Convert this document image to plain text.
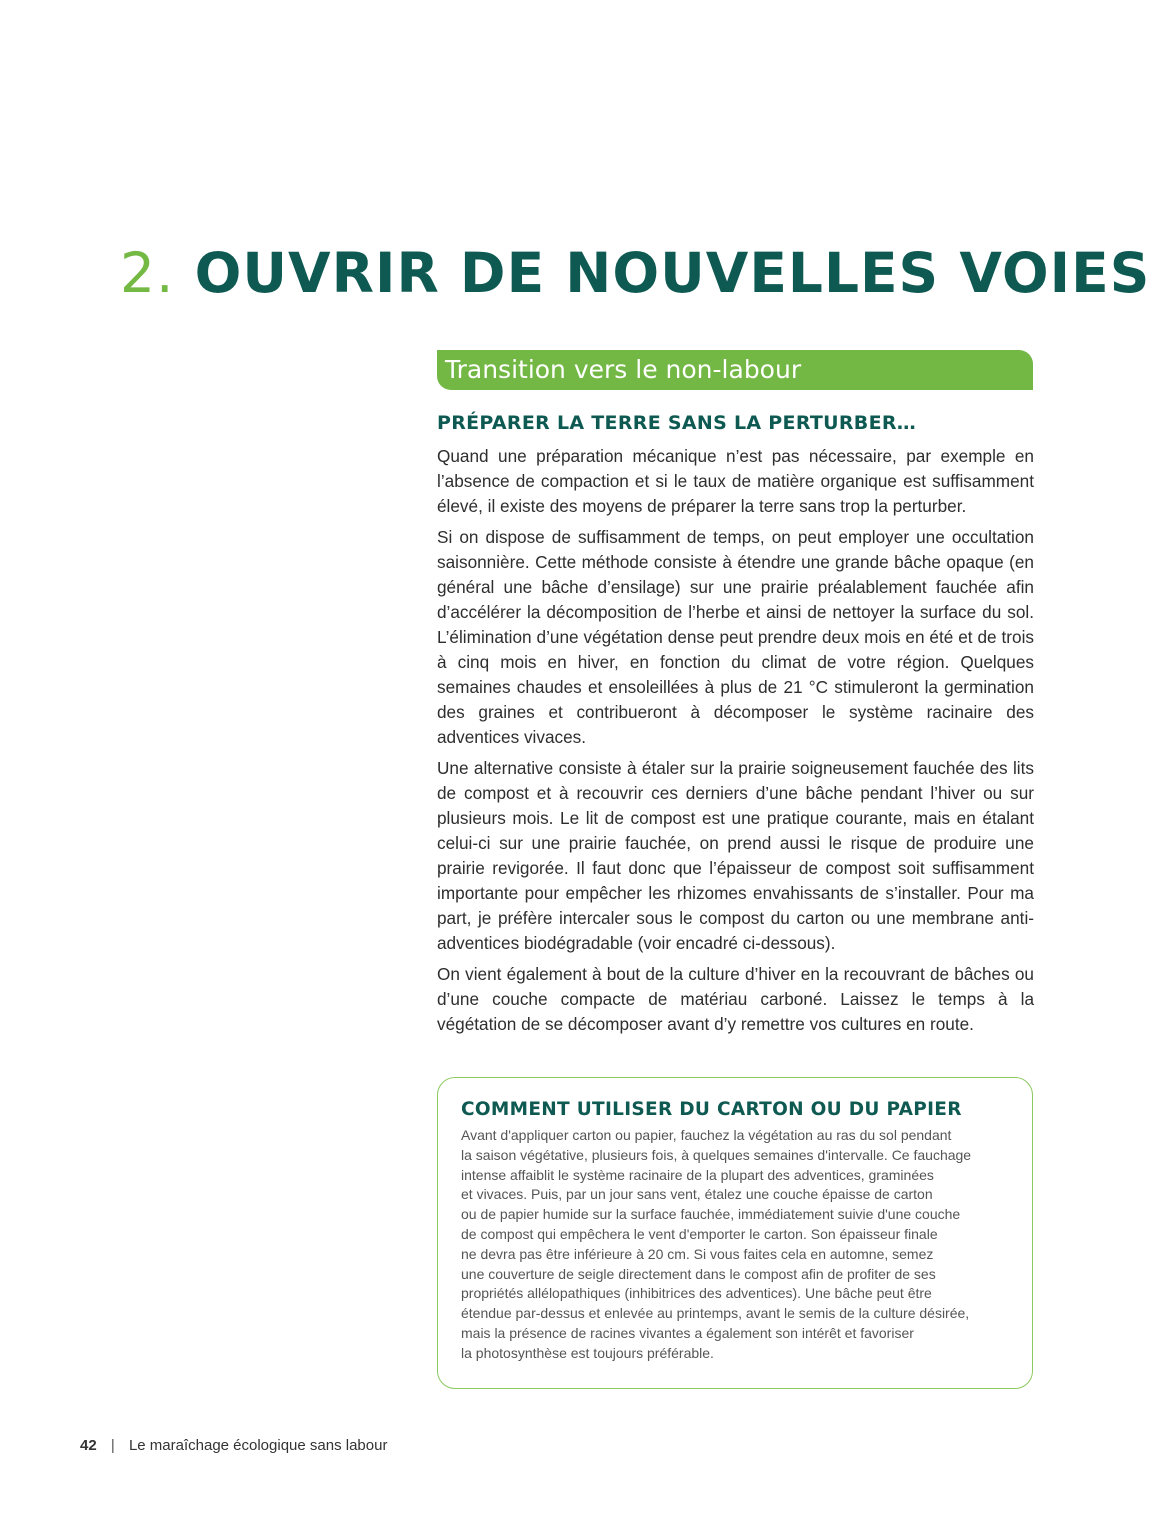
2. OUVRIR DE NOUVELLES VOIES
Transition vers le non-labour
PRÉPARER LA TERRE SANS LA PERTURBER…

Quand une préparation mécanique n’est pas nécessaire, par exemple en l’absence de compaction et si le taux de matière organique est suffisamment élevé, il existe des moyens de préparer la terre sans trop la perturber.

Si on dispose de suffisamment de temps, on peut employer une occultation saisonnière. Cette méthode consiste à étendre une grande bâche opaque (en général une bâche d’ensilage) sur une prairie préalablement fauchée afin d’accélérer la décomposition de l’herbe et ainsi de nettoyer la surface du sol. L’élimination d’une végétation dense peut prendre deux mois en été et de trois à cinq mois en hiver, en fonction du climat de votre région. Quelques semaines chaudes et ensoleillées à plus de 21 °C stimuleront la germination des graines et contribueront à décomposer le système racinaire des adventices vivaces.

Une alternative consiste à étaler sur la prairie soigneusement fauchée des lits de compost et à recouvrir ces derniers d’une bâche pendant l’hiver ou sur plusieurs mois. Le lit de compost est une pratique courante, mais en étalant celui-ci sur une prairie fauchée, on prend aussi le risque de produire une prairie revigorée. Il faut donc que l’épaisseur de compost soit suffisamment importante pour empêcher les rhizomes envahissants de s’installer. Pour ma part, je préfère intercaler sous le compost du carton ou une membrane anti-adventices biodégradable (voir encadré ci-dessous).

On vient également à bout de la culture d’hiver en la recouvrant de bâches ou d’une couche compacte de matériau carboné. Laissez le temps à la végétation de se décomposer avant d’y remettre vos cultures en route.

COMMENT UTILISER DU CARTON OU DU PAPIER
Avant d'appliquer carton ou papier, fauchez la végétation au ras du sol pendant
la saison végétative, plusieurs fois, à quelques semaines d'intervalle. Ce fauchage
intense affaiblit le système racinaire de la plupart des adventices, graminées
et vivaces. Puis, par un jour sans vent, étalez une couche épaisse de carton
ou de papier humide sur la surface fauchée, immédiatement suivie d'une couche
de compost qui empêchera le vent d'emporter le carton. Son épaisseur finale
ne devra pas être inférieure à 20 cm. Si vous faites cela en automne, semez
une couverture de seigle directement dans le compost afin de profiter de ses
propriétés allélopathiques (inhibitrices des adventices). Une bâche peut être
étendue par-dessus et enlevée au printemps, avant le semis de la culture désirée,
mais la présence de racines vivantes a également son intérêt et favoriser
la photosynthèse est toujours préférable.
42 | Le maraîchage écologique sans labour
